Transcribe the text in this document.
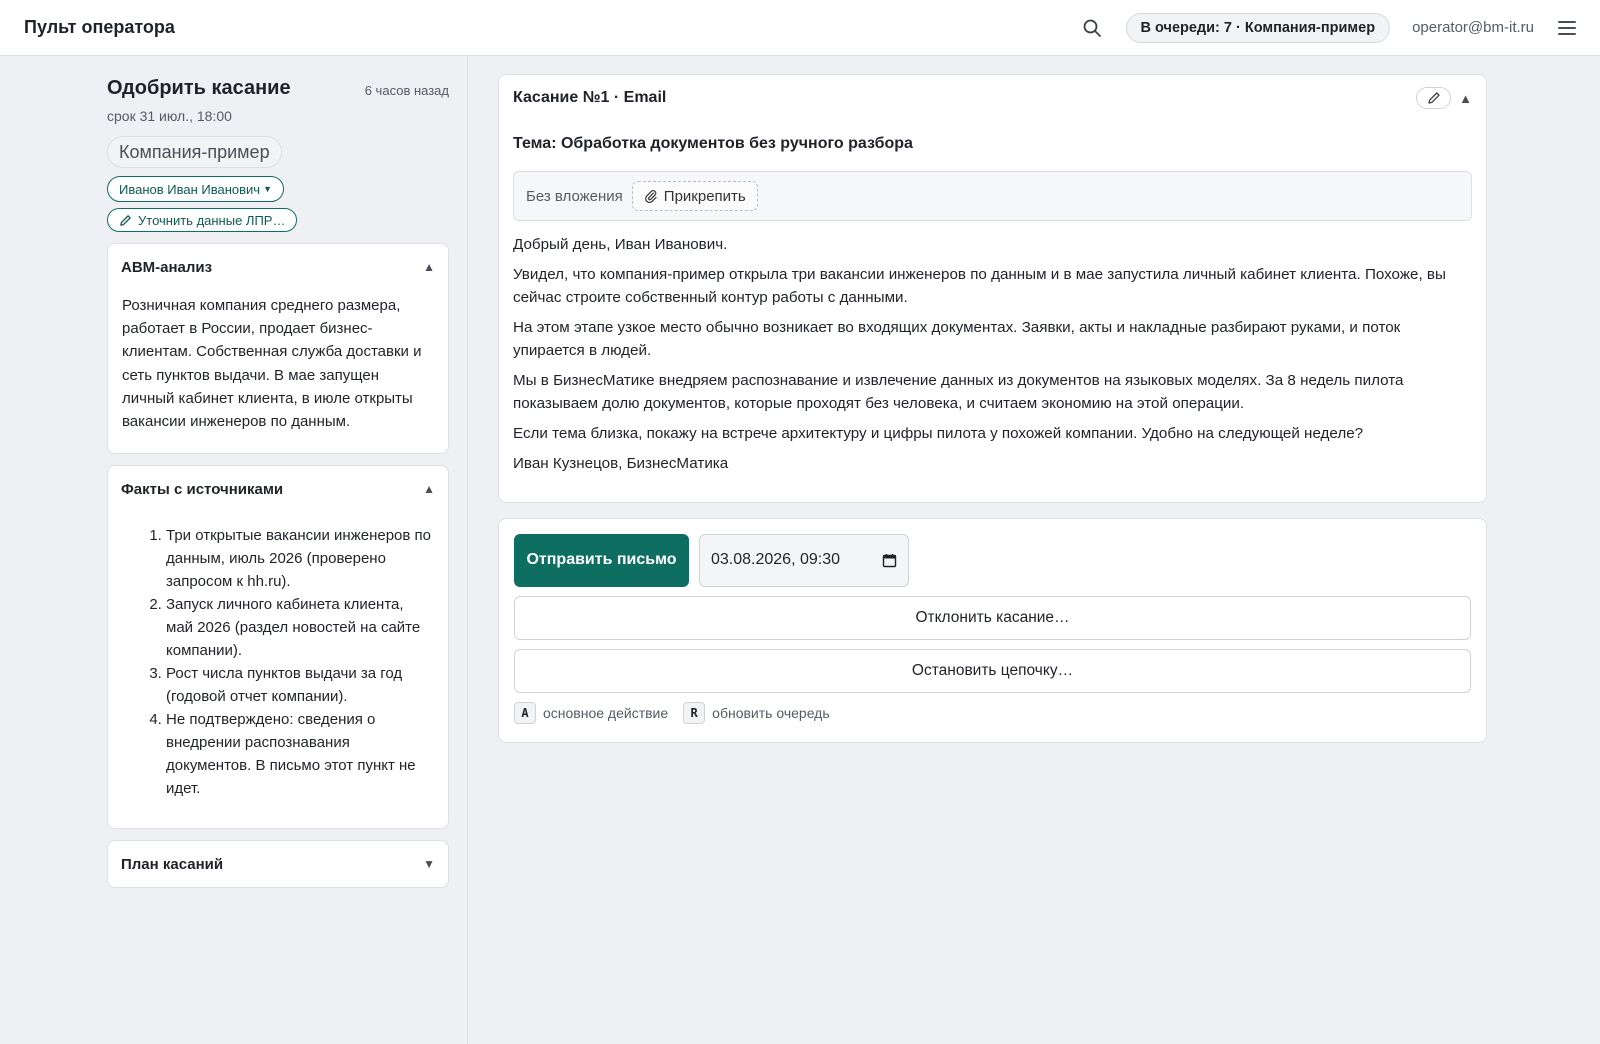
Пульт оператора	В очереди: 7 · Компания-пример	operator@bm-it.ru
Одобрить касание	6 часов назад
срок 31 июл., 18:00
Компания-пример
Иванов Иван Иванович ▼
Уточнить данные ЛПР…
ABM-анализ	▲
Розничная компания среднего размера, работает в России, продает бизнес-клиентам. Собственная служба доставки и сеть пунктов выдачи. В мае запущен личный кабинет клиента, в июле открыты вакансии инженеров по данным.
Факты с источниками	▲
1. Три открытые вакансии инженеров по данным, июль 2026 (проверено запросом к hh.ru).
2. Запуск личного кабинета клиента, май 2026 (раздел новостей на сайте компании).
3. Рост числа пунктов выдачи за год (годовой отчет компании).
4. Не подтверждено: сведения о внедрении распознавания документов. В письмо этот пункт не идет.
План касаний	▼
Касание №1 · Email	▲
Тема: Обработка документов без ручного разбора
Без вложения	Прикрепить

Добрый день, Иван Иванович.

Увидел, что компания-пример открыла три вакансии инженеров по данным и в мае запустила личный кабинет клиента. Похоже, вы сейчас строите собственный контур работы с данными.

На этом этапе узкое место обычно возникает во входящих документах. Заявки, акты и накладные разбирают руками, и поток упирается в людей.

Мы в БизнесМатике внедряем распознавание и извлечение данных из документов на языковых моделях. За 8 недель пилота показываем долю документов, которые проходят без человека, и считаем экономию на этой операции.

Если тема близка, покажу на встрече архитектуру и цифры пилота у похожей компании. Удобно на следующей неделе?

Иван Кузнецов, БизнесМатика

Отправить письмо	03.08.2026, 09:30
Отклонить касание…
Остановить цепочку…
A	основное действие	R	обновить очередь
